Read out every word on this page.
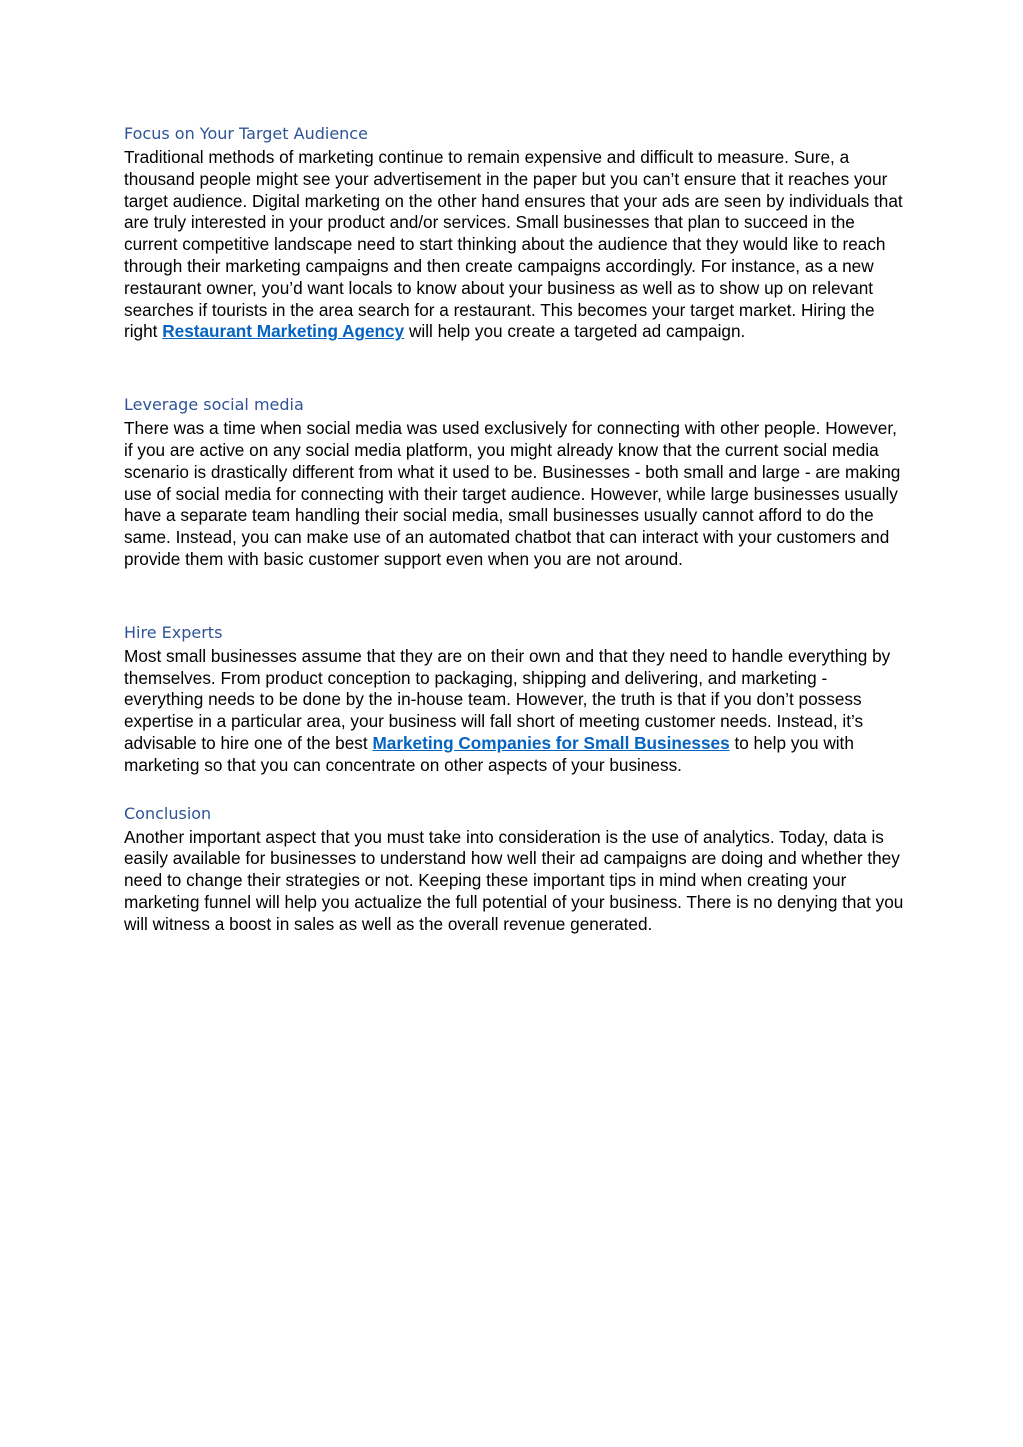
Focus on Your Target Audience

Traditional methods of marketing continue to remain expensive and difficult to measure. Sure, a thousand people might see your advertisement in the paper but you can’t ensure that it reaches your target audience. Digital marketing on the other hand ensures that your ads are seen by individuals that are truly interested in your product and/or services. Small businesses that plan to succeed in the current competitive landscape need to start thinking about the audience that they would like to reach through their marketing campaigns and then create campaigns accordingly. For instance, as a new restaurant owner, you’d want locals to know about your business as well as to show up on relevant searches if tourists in the area search for a restaurant. This becomes your target market. Hiring the right Restaurant Marketing Agency will help you create a targeted ad campaign.

Leverage social media

There was a time when social media was used exclusively for connecting with other people. However, if you are active on any social media platform, you might already know that the current social media scenario is drastically different from what it used to be. Businesses - both small and large - are making use of social media for connecting with their target audience. However, while large businesses usually have a separate team handling their social media, small businesses usually cannot afford to do the same. Instead, you can make use of an automated chatbot that can interact with your customers and provide them with basic customer support even when you are not around.

Hire Experts

Most small businesses assume that they are on their own and that they need to handle everything by themselves. From product conception to packaging, shipping and delivering, and marketing - everything needs to be done by the in-house team. However, the truth is that if you don’t possess expertise in a particular area, your business will fall short of meeting customer needs. Instead, it’s advisable to hire one of the best Marketing Companies for Small Businesses to help you with marketing so that you can concentrate on other aspects of your business.

Conclusion

Another important aspect that you must take into consideration is the use of analytics. Today, data is easily available for businesses to understand how well their ad campaigns are doing and whether they need to change their strategies or not. Keeping these important tips in mind when creating your marketing funnel will help you actualize the full potential of your business. There is no denying that you will witness a boost in sales as well as the overall revenue generated.
